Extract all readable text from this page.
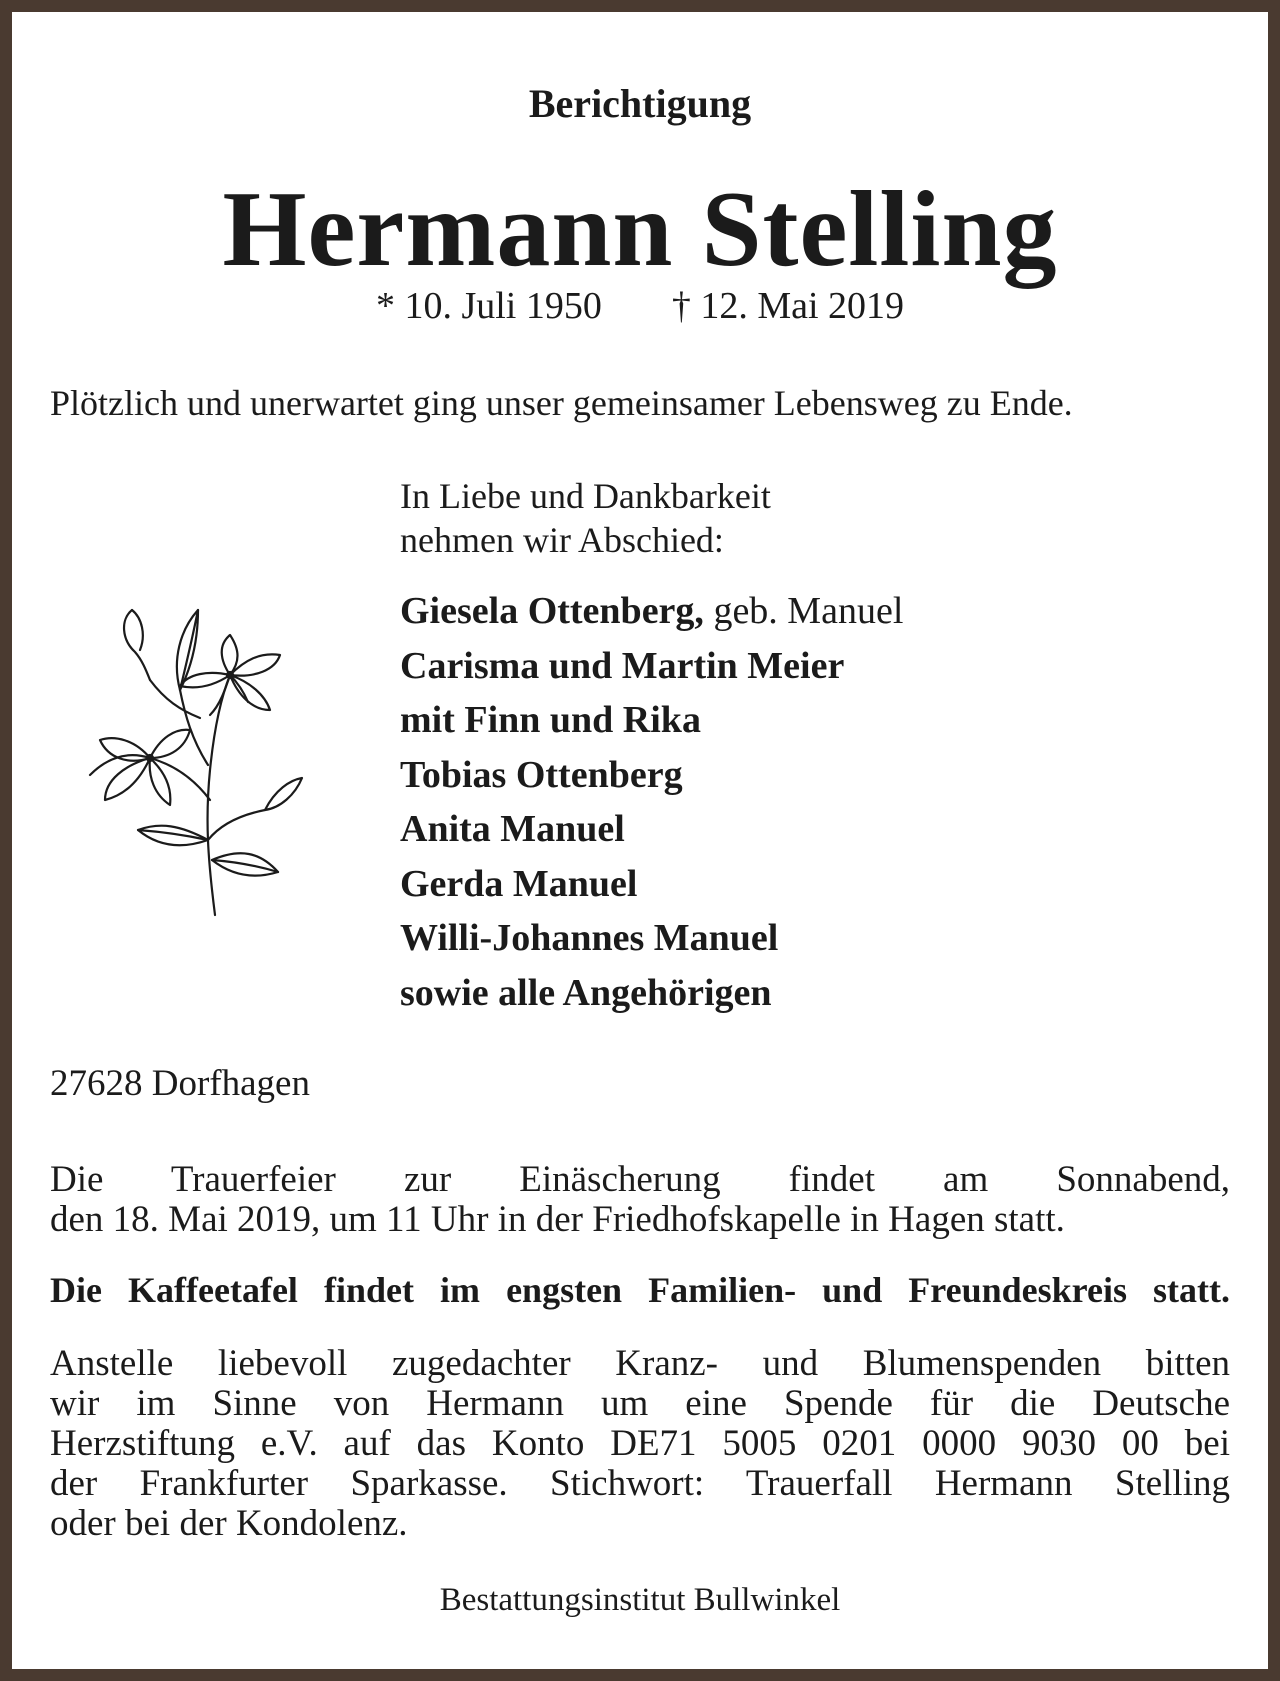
Berichtigung

Hermann Stelling

* 10. Juli 1950 † 12. Mai 2019

Plötzlich und unerwartet ging unser gemeinsamer Lebensweg zu Ende.

In Liebe und Dankbarkeit
nehmen wir Abschied:

Giesela Ottenberg, geb. Manuel
Carisma und Martin Meier
mit Finn und Rika
Tobias Ottenberg
Anita Manuel
Gerda Manuel
Willi-Johannes Manuel
sowie alle Angehörigen

27628 Dorfhagen

Die Trauerfeier zur Einäscherung findet am Sonnabend,
den 18. Mai 2019, um 11 Uhr in der Friedhofskapelle in Hagen statt.

Die Kaffeetafel findet im engsten Familien- und Freundeskreis statt.

Anstelle liebevoll zugedachter Kranz- und Blumenspenden bitten
wir im Sinne von Hermann um eine Spende für die Deutsche
Herzstiftung e.V. auf das Konto DE71 5005 0201 0000 9030 00 bei
der Frankfurter Sparkasse. Stichwort: Trauerfall Hermann Stelling
oder bei der Kondolenz.

Bestattungsinstitut Bullwinkel
